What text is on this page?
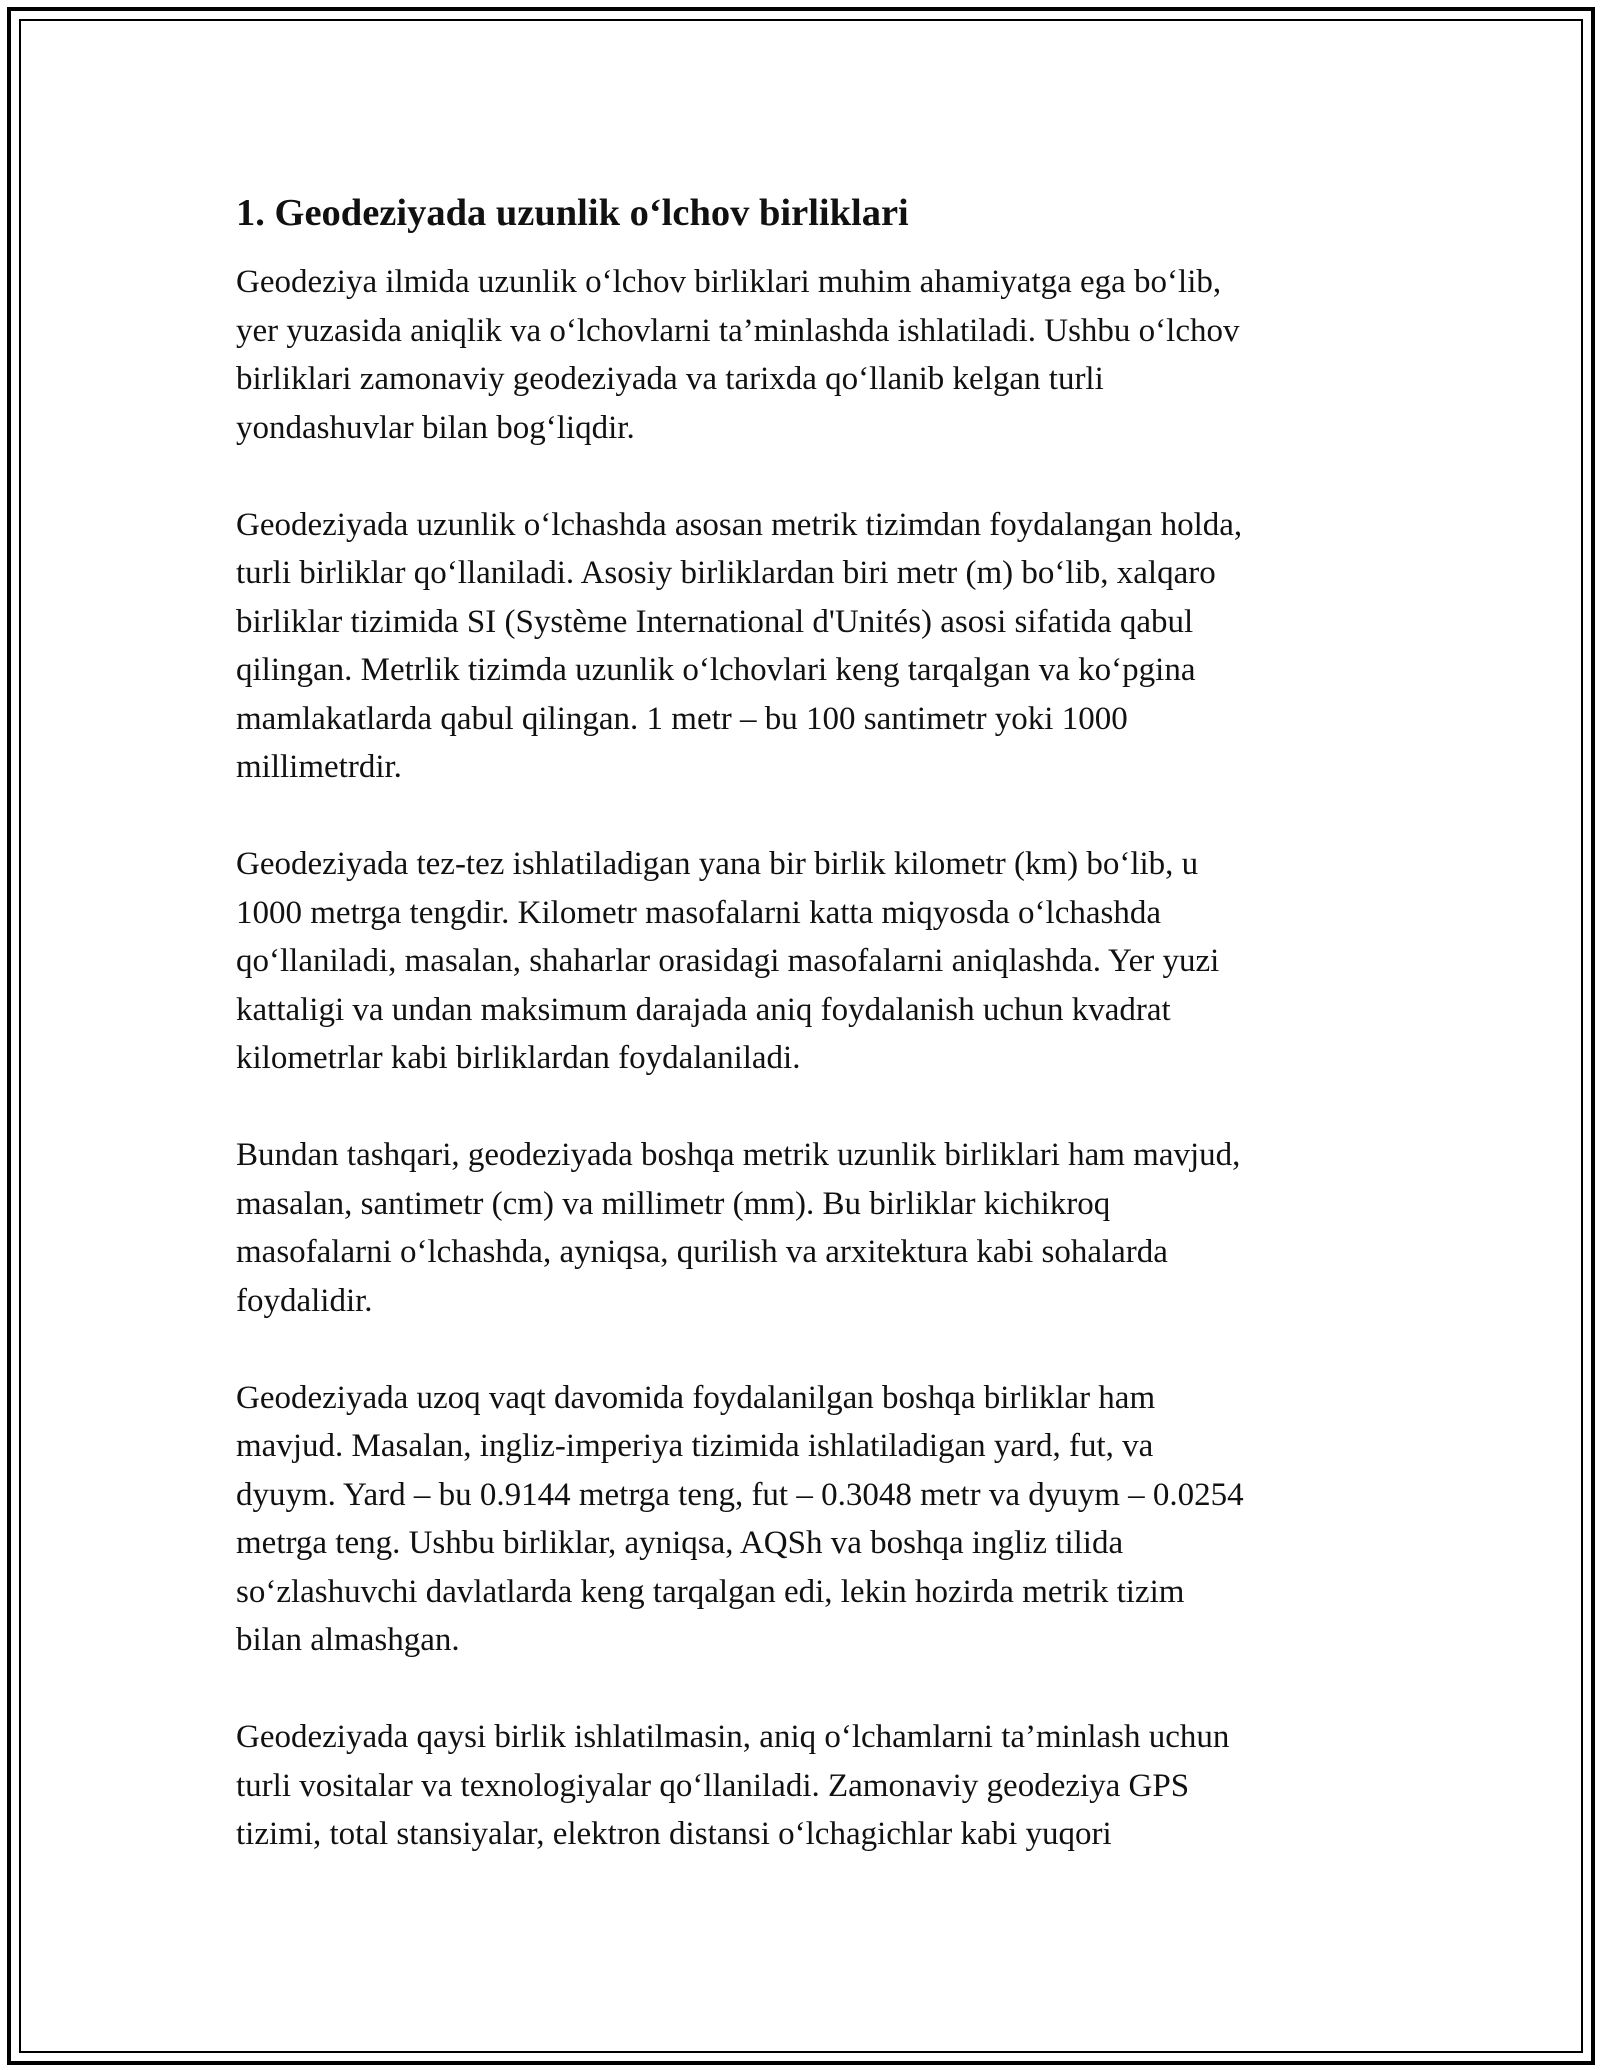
1. Geodeziyada uzunlik o‘lchov birliklari

Geodeziya ilmida uzunlik o‘lchov birliklari muhim ahamiyatga ega bo‘lib,
yer yuzasida aniqlik va o‘lchovlarni ta’minlashda ishlatiladi. Ushbu o‘lchov
birliklari zamonaviy geodeziyada va tarixda qo‘llanib kelgan turli
yondashuvlar bilan bog‘liqdir.

Geodeziyada uzunlik o‘lchashda asosan metrik tizimdan foydalangan holda,
turli birliklar qo‘llaniladi. Asosiy birliklardan biri metr (m) bo‘lib, xalqaro
birliklar tizimida SI (Système International d'Unités) asosi sifatida qabul
qilingan. Metrlik tizimda uzunlik o‘lchovlari keng tarqalgan va ko‘pgina
mamlakatlarda qabul qilingan. 1 metr – bu 100 santimetr yoki 1000
millimetrdir.

Geodeziyada tez-tez ishlatiladigan yana bir birlik kilometr (km) bo‘lib, u
1000 metrga tengdir. Kilometr masofalarni katta miqyosda o‘lchashda
qo‘llaniladi, masalan, shaharlar orasidagi masofalarni aniqlashda. Yer yuzi
kattaligi va undan maksimum darajada aniq foydalanish uchun kvadrat
kilometrlar kabi birliklardan foydalaniladi.

Bundan tashqari, geodeziyada boshqa metrik uzunlik birliklari ham mavjud,
masalan, santimetr (cm) va millimetr (mm). Bu birliklar kichikroq
masofalarni o‘lchashda, ayniqsa, qurilish va arxitektura kabi sohalarda
foydalidir.

Geodeziyada uzoq vaqt davomida foydalanilgan boshqa birliklar ham
mavjud. Masalan, ingliz-imperiya tizimida ishlatiladigan yard, fut, va
dyuym. Yard – bu 0.9144 metrga teng, fut – 0.3048 metr va dyuym – 0.0254
metrga teng. Ushbu birliklar, ayniqsa, AQSh va boshqa ingliz tilida
so‘zlashuvchi davlatlarda keng tarqalgan edi, lekin hozirda metrik tizim
bilan almashgan.

Geodeziyada qaysi birlik ishlatilmasin, aniq o‘lchamlarni ta’minlash uchun
turli vositalar va texnologiyalar qo‘llaniladi. Zamonaviy geodeziya GPS
tizimi, total stansiyalar, elektron distansi o‘lchagichlar kabi yuqori
